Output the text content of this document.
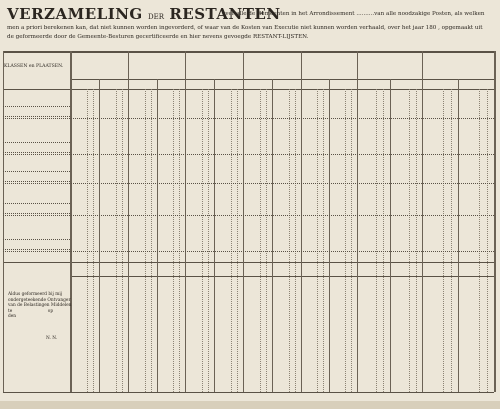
VERZAMELING DER RESTANTEN
over alle de Gemeenten in het Arrondissement ..........van alle noodzakige Posten, als welken
men a priori berekenen kan, dat niet kunnen worden ingevorderd, of waar van de Kosten van Executie niet kunnen worden verhaald, over het jaar 180 , opgemaakt uit
de geformeerde door de Gemeente-Besturen gecertificeerde en hier nevens gevoegde RESTANT-LIJSTEN.
KLASSEN en PLAATSEN.
Aldus geformeerd bij mij
ondergeteekende Ontvanger
van de Belastingen Middelen
te                          op
den
N. N.
